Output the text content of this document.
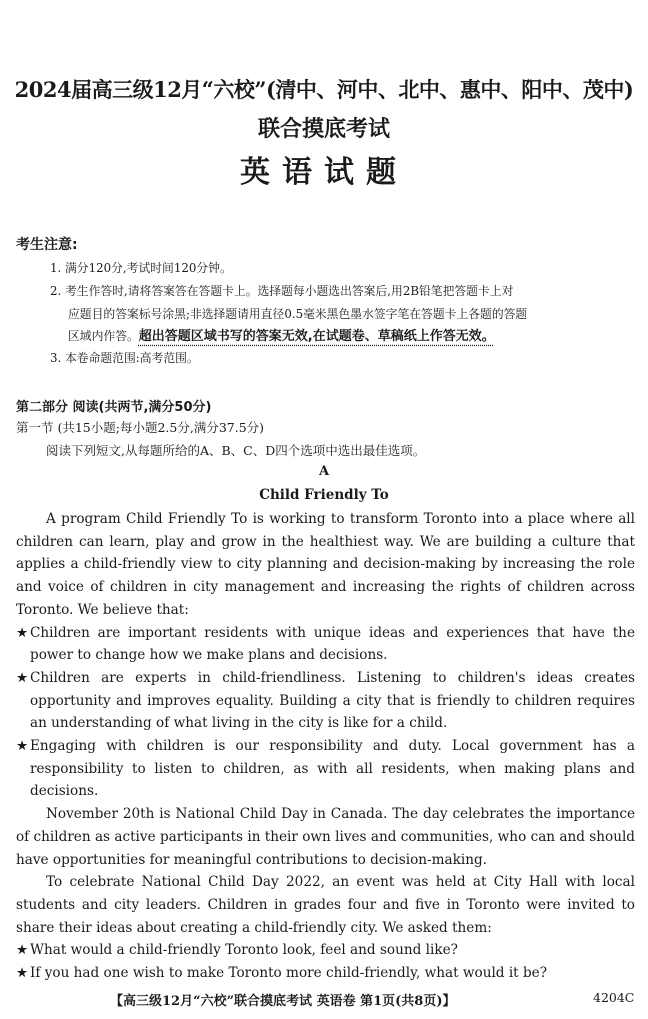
2024届高三级12月“六校”(清中、河中、北中、惠中、阳中、茂中)
联合摸底考试
英语试题
考生注意:
1. 满分120分,考试时间120分钟。
2. 考生作答时,请将答案答在答题卡上。选择题每小题选出答案后,用2B铅笔把答题卡上对
应题目的答案标号涂黑;非选择题请用直径0.5毫米黑色墨水签字笔在答题卡上各题的答题
区域内作答。超出答题区域书写的答案无效,在试题卷、草稿纸上作答无效。
3. 本卷命题范围:高考范围。
第二部分 阅读(共两节,满分50分)
第一节 (共15小题;每小题2.5分,满分37.5分)
阅读下列短文,从每题所给的A、B、C、D四个选项中选出最佳选项。
A
Child Friendly To

A program Child Friendly To is working to transform Toronto into a place where all children can learn, play and grow in the healthiest way. We are building a culture that applies a child-friendly view to city planning and decision-making by increasing the role and voice of children in city management and increasing the rights of children across Toronto. We believe that:

★ Children are important residents with unique ideas and experiences that have the power to change how we make plans and decisions.

★ Children are experts in child-friendliness. Listening to children's ideas creates opportunity and improves equality. Building a city that is friendly to children requires an understanding of what living in the city is like for a child.

★ Engaging with children is our responsibility and duty. Local government has a responsibility to listen to children, as with all residents, when making plans and decisions.

November 20th is National Child Day in Canada. The day celebrates the importance of children as active participants in their own lives and communities, who can and should have opportunities for meaningful contributions to decision-making.

To celebrate National Child Day 2022, an event was held at City Hall with local students and city leaders. Children in grades four and five in Toronto were invited to share their ideas about creating a child-friendly city. We asked them:

★ What would a child-friendly Toronto look, feel and sound like?

★ If you had one wish to make Toronto more child-friendly, what would it be?

【高三级12月“六校”联合摸底考试 英语卷 第1页(共8页)】	4204C
